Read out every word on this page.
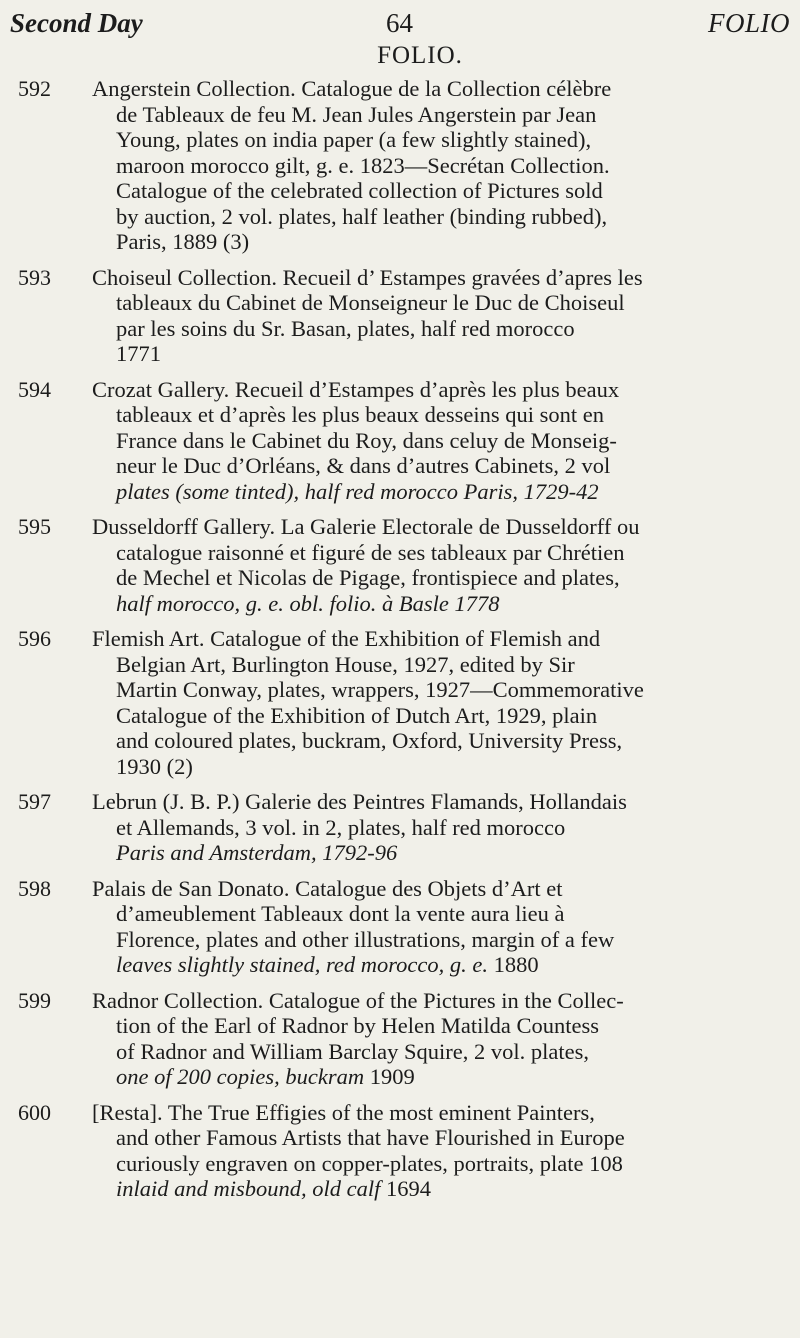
Second Day	64	FOLIO
FOLIO.
592	Angerstein Collection. Catalogue de la Collection célèbre
de Tableaux de feu M. Jean Jules Angerstein par Jean
Young, plates on india paper (a few slightly stained),
maroon morocco gilt, g. e. 1823—Secrétan Collection.
Catalogue of the celebrated collection of Pictures sold
by auction, 2 vol. plates, half leather (binding rubbed),
Paris, 1889 (3)
593	Choiseul Collection. Recueil d’ Estampes gravées d’apres les
tableaux du Cabinet de Monseigneur le Duc de Choiseul
par les soins du Sr. Basan, plates, half red morocco
1771
594	Crozat Gallery. Recueil d’Estampes d’après les plus beaux
tableaux et d’après les plus beaux desseins qui sont en
France dans le Cabinet du Roy, dans celuy de Monseig-
neur le Duc d’Orléans, & dans d’autres Cabinets, 2 vol
plates (some tinted), half red morocco Paris, 1729-42
595	Dusseldorff Gallery. La Galerie Electorale de Dusseldorff ou
catalogue raisonné et figuré de ses tableaux par Chrétien
de Mechel et Nicolas de Pigage, frontispiece and plates,
half morocco, g. e. obl. folio. à Basle 1778
596	Flemish Art. Catalogue of the Exhibition of Flemish and
Belgian Art, Burlington House, 1927, edited by Sir
Martin Conway, plates, wrappers, 1927—Commemorative
Catalogue of the Exhibition of Dutch Art, 1929, plain
and coloured plates, buckram, Oxford, University Press,
1930 (2)
597	Lebrun (J. B. P.) Galerie des Peintres Flamands, Hollandais
et Allemands, 3 vol. in 2, plates, half red morocco
Paris and Amsterdam, 1792-96
598	Palais de San Donato. Catalogue des Objets d’Art et
d’ameublement Tableaux dont la vente aura lieu à
Florence, plates and other illustrations, margin of a few
leaves slightly stained, red morocco, g. e. 1880
599	Radnor Collection. Catalogue of the Pictures in the Collec-
tion of the Earl of Radnor by Helen Matilda Countess
of Radnor and William Barclay Squire, 2 vol. plates,
one of 200 copies, buckram 1909
600	[Resta]. The True Effigies of the most eminent Painters,
and other Famous Artists that have Flourished in Europe
curiously engraven on copper-plates, portraits, plate 108
inlaid and misbound, old calf 1694
